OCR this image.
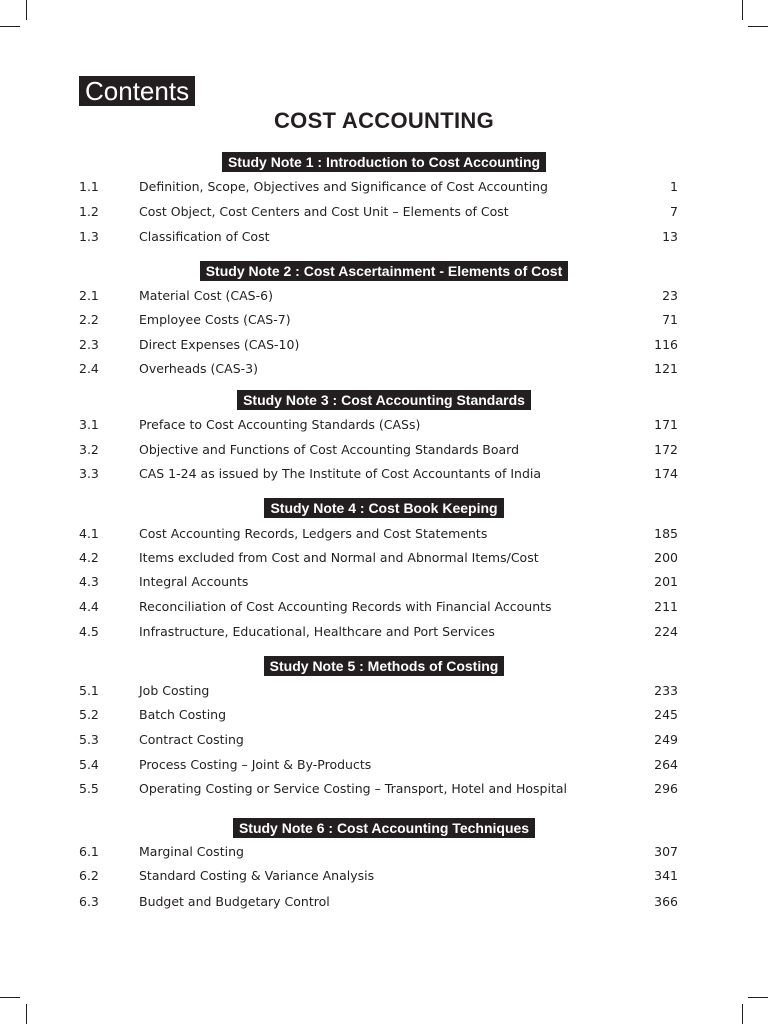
Contents
COST ACCOUNTING
Study Note 1 : Introduction to Cost Accounting
1.1	Definition, Scope, Objectives and Significance of Cost Accounting	1
1.2	Cost Object, Cost Centers and Cost Unit – Elements of Cost	7
1.3	Classification of Cost	13
Study Note 2 : Cost Ascertainment - Elements of Cost
2.1	Material Cost (CAS-6)	23
2.2	Employee Costs (CAS-7)	71
2.3	Direct Expenses (CAS-10)	116
2.4	Overheads (CAS-3)	121
Study Note 3 : Cost Accounting Standards
3.1	Preface to Cost Accounting Standards (CASs)	171
3.2	Objective and Functions of Cost Accounting Standards Board	172
3.3	CAS 1-24 as issued by The Institute of Cost Accountants of India	174
Study Note 4 : Cost Book Keeping
4.1	Cost Accounting Records, Ledgers and Cost Statements	185
4.2	Items excluded from Cost and Normal and Abnormal Items/Cost	200
4.3	Integral Accounts	201
4.4	Reconciliation of Cost Accounting Records with Financial Accounts	211
4.5	Infrastructure, Educational, Healthcare and Port Services	224
Study Note 5 : Methods of Costing
5.1	Job Costing	233
5.2	Batch Costing	245
5.3	Contract Costing	249
5.4	Process Costing – Joint & By-Products	264
5.5	Operating Costing or Service Costing – Transport, Hotel and Hospital	296
Study Note 6 : Cost Accounting Techniques
6.1	Marginal Costing	307
6.2	Standard Costing & Variance Analysis	341
6.3	Budget and Budgetary Control	366
